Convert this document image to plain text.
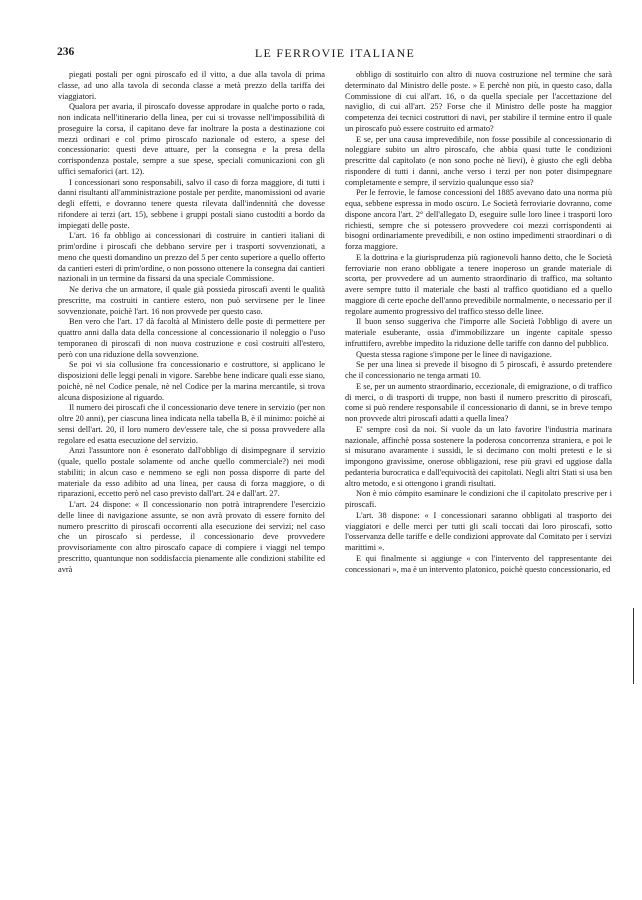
236	LE FERROVIE ITALIANE

piegati postali per ogni piroscafo ed il vitto, a due alla tavola di prima classe, ad uno alla tavola di seconda classe a metà prezzo della tariffa dei viaggiatori.

Qualora per avaria, il piroscafo dovesse approdare in qualche porto o rada, non indicata nell'itinerario della linea, per cui si trovasse nell'impossibilità di proseguire la corsa, il capitano deve far inoltrare la posta a destinazione coi mezzi ordinari e col primo piroscafo nazionale od estero, a spese del concessionario: questi deve attuare, per la consegna e la presa della corrispondenza postale, sempre a sue spese, speciali comunicazioni con gli uffici semaforici (art. 12).

I concessionari sono responsabili, salvo il caso di forza maggiore, di tutti i danni risultanti all'amministrazione postale per perdite, manomissioni od avarie degli effetti, e dovranno tenere questa rilevata dall'indennità che dovesse rifondere ai terzi (art. 15), sebbene i gruppi postali siano custoditi a bordo da impiegati delle poste.

L'art. 16 fa obbligo ai concessionari di costruire in cantieri italiani di prim'ordine i piroscafi che debbano servire per i trasporti sovvenzionati, a meno che questi domandino un prezzo del 5 per cento superiore a quello offerto da cantieri esteri di prim'ordine, o non possono ottenere la consegna dai cantieri nazionali in un termine da fissarsi da una speciale Commissione.

Ne deriva che un armatore, il quale già possieda piroscafi aventi le qualità prescritte, ma costruiti in cantiere estero, non può servirsene per le linee sovvenzionate, poichè l'art. 16 non provvede per questo caso.

Ben vero che l'art. 17 dà facoltà al Ministero delle poste di permettere per quattro anni dalla data della concessione al concessionario il noleggio o l'uso temporaneo di piroscafi di non nuova costruzione e così costruiti all'estero, però con una riduzione della sovvenzione.

Se poi vi sia collusione fra concessionario e costruttore, si applicano le disposizioni delle leggi penali in vigore. Sarebbe bene indicare quali esse siano, poichè, nè nel Codice penale, nè nel Codice per la marina mercantile, si trova alcuna disposizione al riguardo.

Il numero dei piroscafi che il concessionario deve tenere in servizio (per non oltre 20 anni), per ciascuna linea indicata nella tabella B, è il minimo: poichè ai sensi dell'art. 20, il loro numero dev'essere tale, che si possa provvedere alla regolare ed esatta esecuzione del servizio.

Anzi l'assuntore non è esonerato dall'obbligo di disimpegnare il servizio (quale, quello postale solamente od anche quello commerciale?) nei modi stabiliti; in alcun caso e nemmeno se egli non possa disporre di parte del materiale da esso adibito ad una linea, per causa di forza maggiore, o di riparazioni, eccetto però nel caso previsto dall'art. 24 e dall'art. 27.

L'art. 24 dispone: « Il concessionario non potrà intraprendere l'esercizio delle linee di navigazione assunte, se non avrà provato di essere fornito del numero prescritto di piroscafi occorrenti alla esecuzione dei servizi; nel caso che un piroscafo si perdesse, il concessionario deve provvedere provvisoriamente con altro piroscafo capace di compiere i viaggi nel tempo prescritto, quantunque non soddisfaccia pienamente alle condizioni stabilite ed avrà

obbligo di sostituirlo con altro di nuova costruzione nel termine che sarà determinato dal Ministro delle poste. » E perchè non più, in questo caso, dalla Commissione di cui all'art. 16, o da quella speciale per l'accettazione del naviglio, di cui all'art. 25? Forse che il Ministro delle poste ha maggior competenza dei tecnici costruttori di navi, per stabilire il termine entro il quale un piroscafo può essere costruito ed armato?

E se, per una causa imprevedibile, non fosse possibile al concessionario di noleggiare subito un altro piroscafo, che abbia quasi tutte le condizioni prescritte dal capitolato (e non sono poche nè lievi), è giusto che egli debba rispondere di tutti i danni, anche verso i terzi per non poter disimpegnare completamente e sempre, il servizio qualunque esso sia?

Per le ferrovie, le famose concessioni del 1885 avevano dato una norma più equa, sebbene espressa in modo oscuro. Le Società ferroviarie dovranno, come dispone ancora l'art. 2° dell'allegato D, eseguire sulle loro linee i trasporti loro richiesti, sempre che si potessero provvedere coi mezzi corrispondenti ai bisogni ordinariamente prevedibili, e non ostino impedimenti straordinari o di forza maggiore.

E la dottrina e la giurisprudenza più ragionevoli hanno detto, che le Società ferroviarie non erano obbligate a tenere inoperoso un grande materiale di scorta, per provvedere ad un aumento straordinario di traffico, ma soltanto avere sempre tutto il materiale che basti al traffico quotidiano ed a quello maggiore di certe epoche dell'anno prevedibile normalmente, o necessario per il regolare aumento progressivo del traffico stesso delle linee.

Il buon senso suggeriva che l'imporre alle Società l'obbligo di avere un materiale esuberante, ossia d'immobilizzare un ingente capitale spesso infruttifero, avrebbe impedito la riduzione delle tariffe con danno del pubblico.

Questa stessa ragione s'impone per le linee di navigazione.

Se per una linea si prevede il bisogno di 5 piroscafi, è assurdo pretendere che il concessionario ne tenga armati 10.

E se, per un aumento straordinario, eccezionale, di emigrazione, o di traffico di merci, o di trasporti di truppe, non basti il numero prescritto di piroscafi, come si può rendere responsabile il concessionario di danni, se in breve tempo non provvede altri piroscafi adatti a quella linea?

E' sempre così da noi. Si vuole da un lato favorire l'industria marinara nazionale, affinchè possa sostenere la poderosa concorrenza straniera, e poi le si misurano avaramente i sussidi, le si decimano con molti pretesti e le si impongono gravissime, onerose obbligazioni, rese più gravi ed uggiose dalla pedanteria burocratica e dall'equivocità dei capitolati. Negli altri Stati si usa ben altro metodo, e si ottengono i grandi risultati.

Non è mio cómpito esaminare le condizioni che il capitolato prescrive per i piroscafi.

L'art. 38 dispone: « I concessionari saranno obbligati al trasporto dei viaggiatori e delle merci per tutti gli scali toccati dai loro piroscafi, sotto l'osservanza delle tariffe e delle condizioni approvate dal Comitato per i servizi marittimi ».

E qui finalmente si aggiunge « con l'intervento del rappresentante dei concessionari », ma è un intervento platonico, poichè questo concessionario, ed
